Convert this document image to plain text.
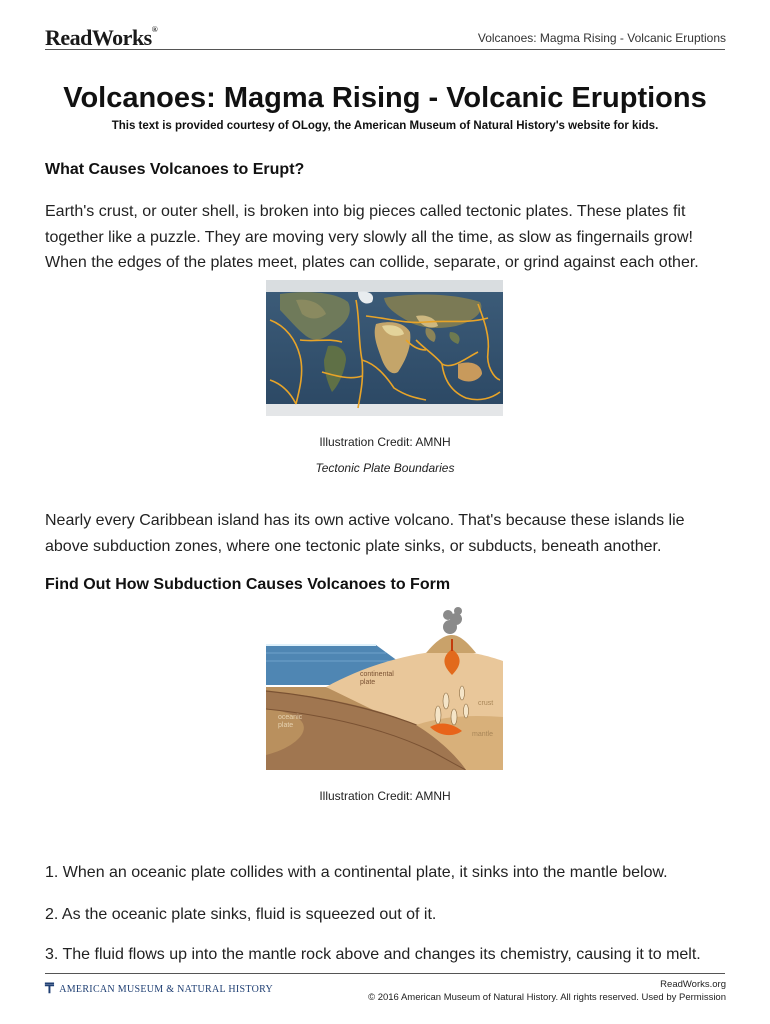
ReadWorks®
Volcanoes: Magma Rising - Volcanic Eruptions
Volcanoes: Magma Rising - Volcanic Eruptions
This text is provided courtesy of OLogy, the American Museum of Natural History's website for kids.
What Causes Volcanoes to Erupt?
Earth's crust, or outer shell, is broken into big pieces called tectonic plates. These plates fit
together like a puzzle. They are moving very slowly all the time, as slow as fingernails grow!
When the edges of the plates meet, plates can collide, separate, or grind against each other.
Illustration Credit: AMNH
Tectonic Plate Boundaries
Nearly every Caribbean island has its own active volcano. That's because these islands lie
above subduction zones, where one tectonic plate sinks, or subducts, beneath another.
Find Out How Subduction Causes Volcanoes to Form
continental
plate
oceanic
plate
crust
mantle
Illustration Credit: AMNH
1. When an oceanic plate collides with a continental plate, it sinks into the mantle below.
2. As the oceanic plate sinks, fluid is squeezed out of it.
3. The fluid flows up into the mantle rock above and changes its chemistry, causing it to melt.
₸ AMERICAN MUSEUM & NATURAL HISTORY	ReadWorks.org
© 2016 American Museum of Natural History. All rights reserved. Used by Permission
